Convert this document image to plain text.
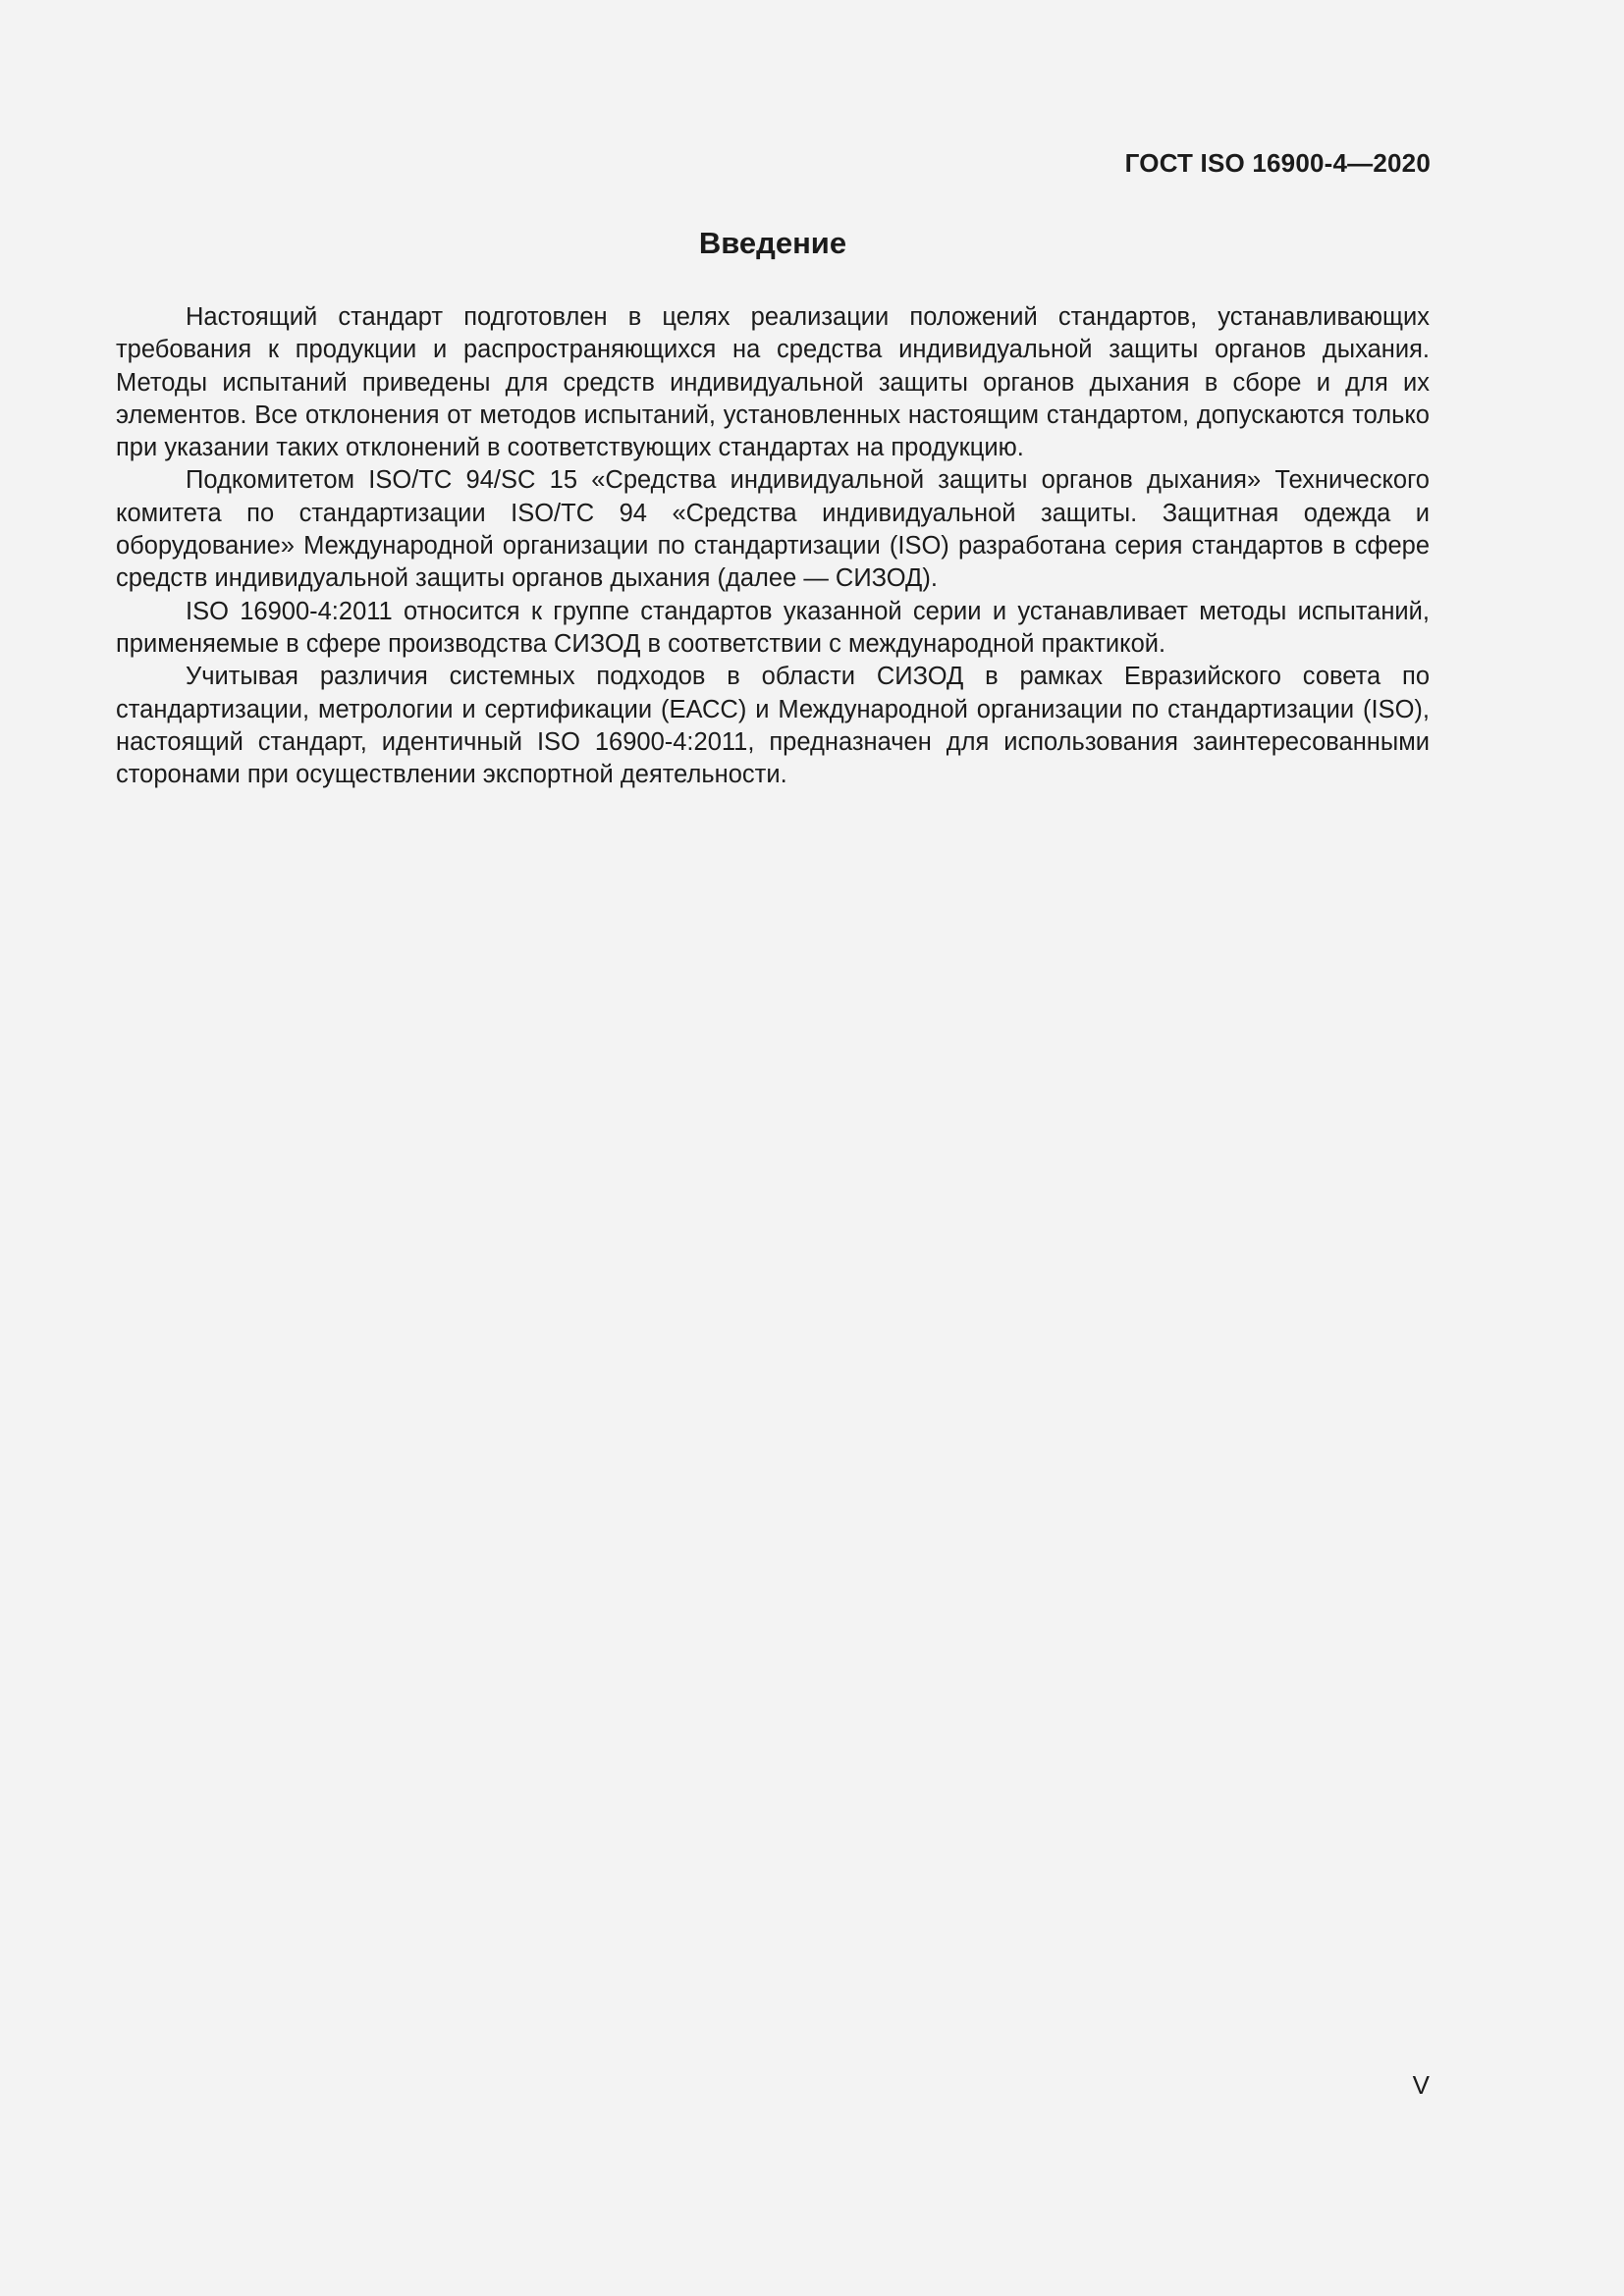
ГОСТ ISO 16900-4—2020
Введение

Настоящий стандарт подготовлен в целях реализации положений стандартов, устанавливающих требования к продукции и распространяющихся на средства индивидуальной защиты органов дыхания. Методы испытаний приведены для средств индивидуальной защиты органов дыхания в сборе и для их элементов. Все отклонения от методов испытаний, установленных настоящим стандартом, допускаются только при указании таких отклонений в соответствующих стандартах на продукцию.

Подкомитетом ISO/TC 94/SC 15 «Средства индивидуальной защиты органов дыхания» Технического комитета по стандартизации ISO/TC 94 «Средства индивидуальной защиты. Защитная одежда и оборудование» Международной организации по стандартизации (ISO) разработана серия стандартов в сфере средств индивидуальной защиты органов дыхания (далее — СИЗОД).

ISO 16900-4:2011 относится к группе стандартов указанной серии и устанавливает методы испытаний, применяемые в сфере производства СИЗОД в соответствии с международной практикой.

Учитывая различия системных подходов в области СИЗОД в рамках Евразийского совета по стандартизации, метрологии и сертификации (ЕАСС) и Международной организации по стандартизации (ISO), настоящий стандарт, идентичный ISO 16900-4:2011, предназначен для использования заинтересованными сторонами при осуществлении экспортной деятельности.

V
